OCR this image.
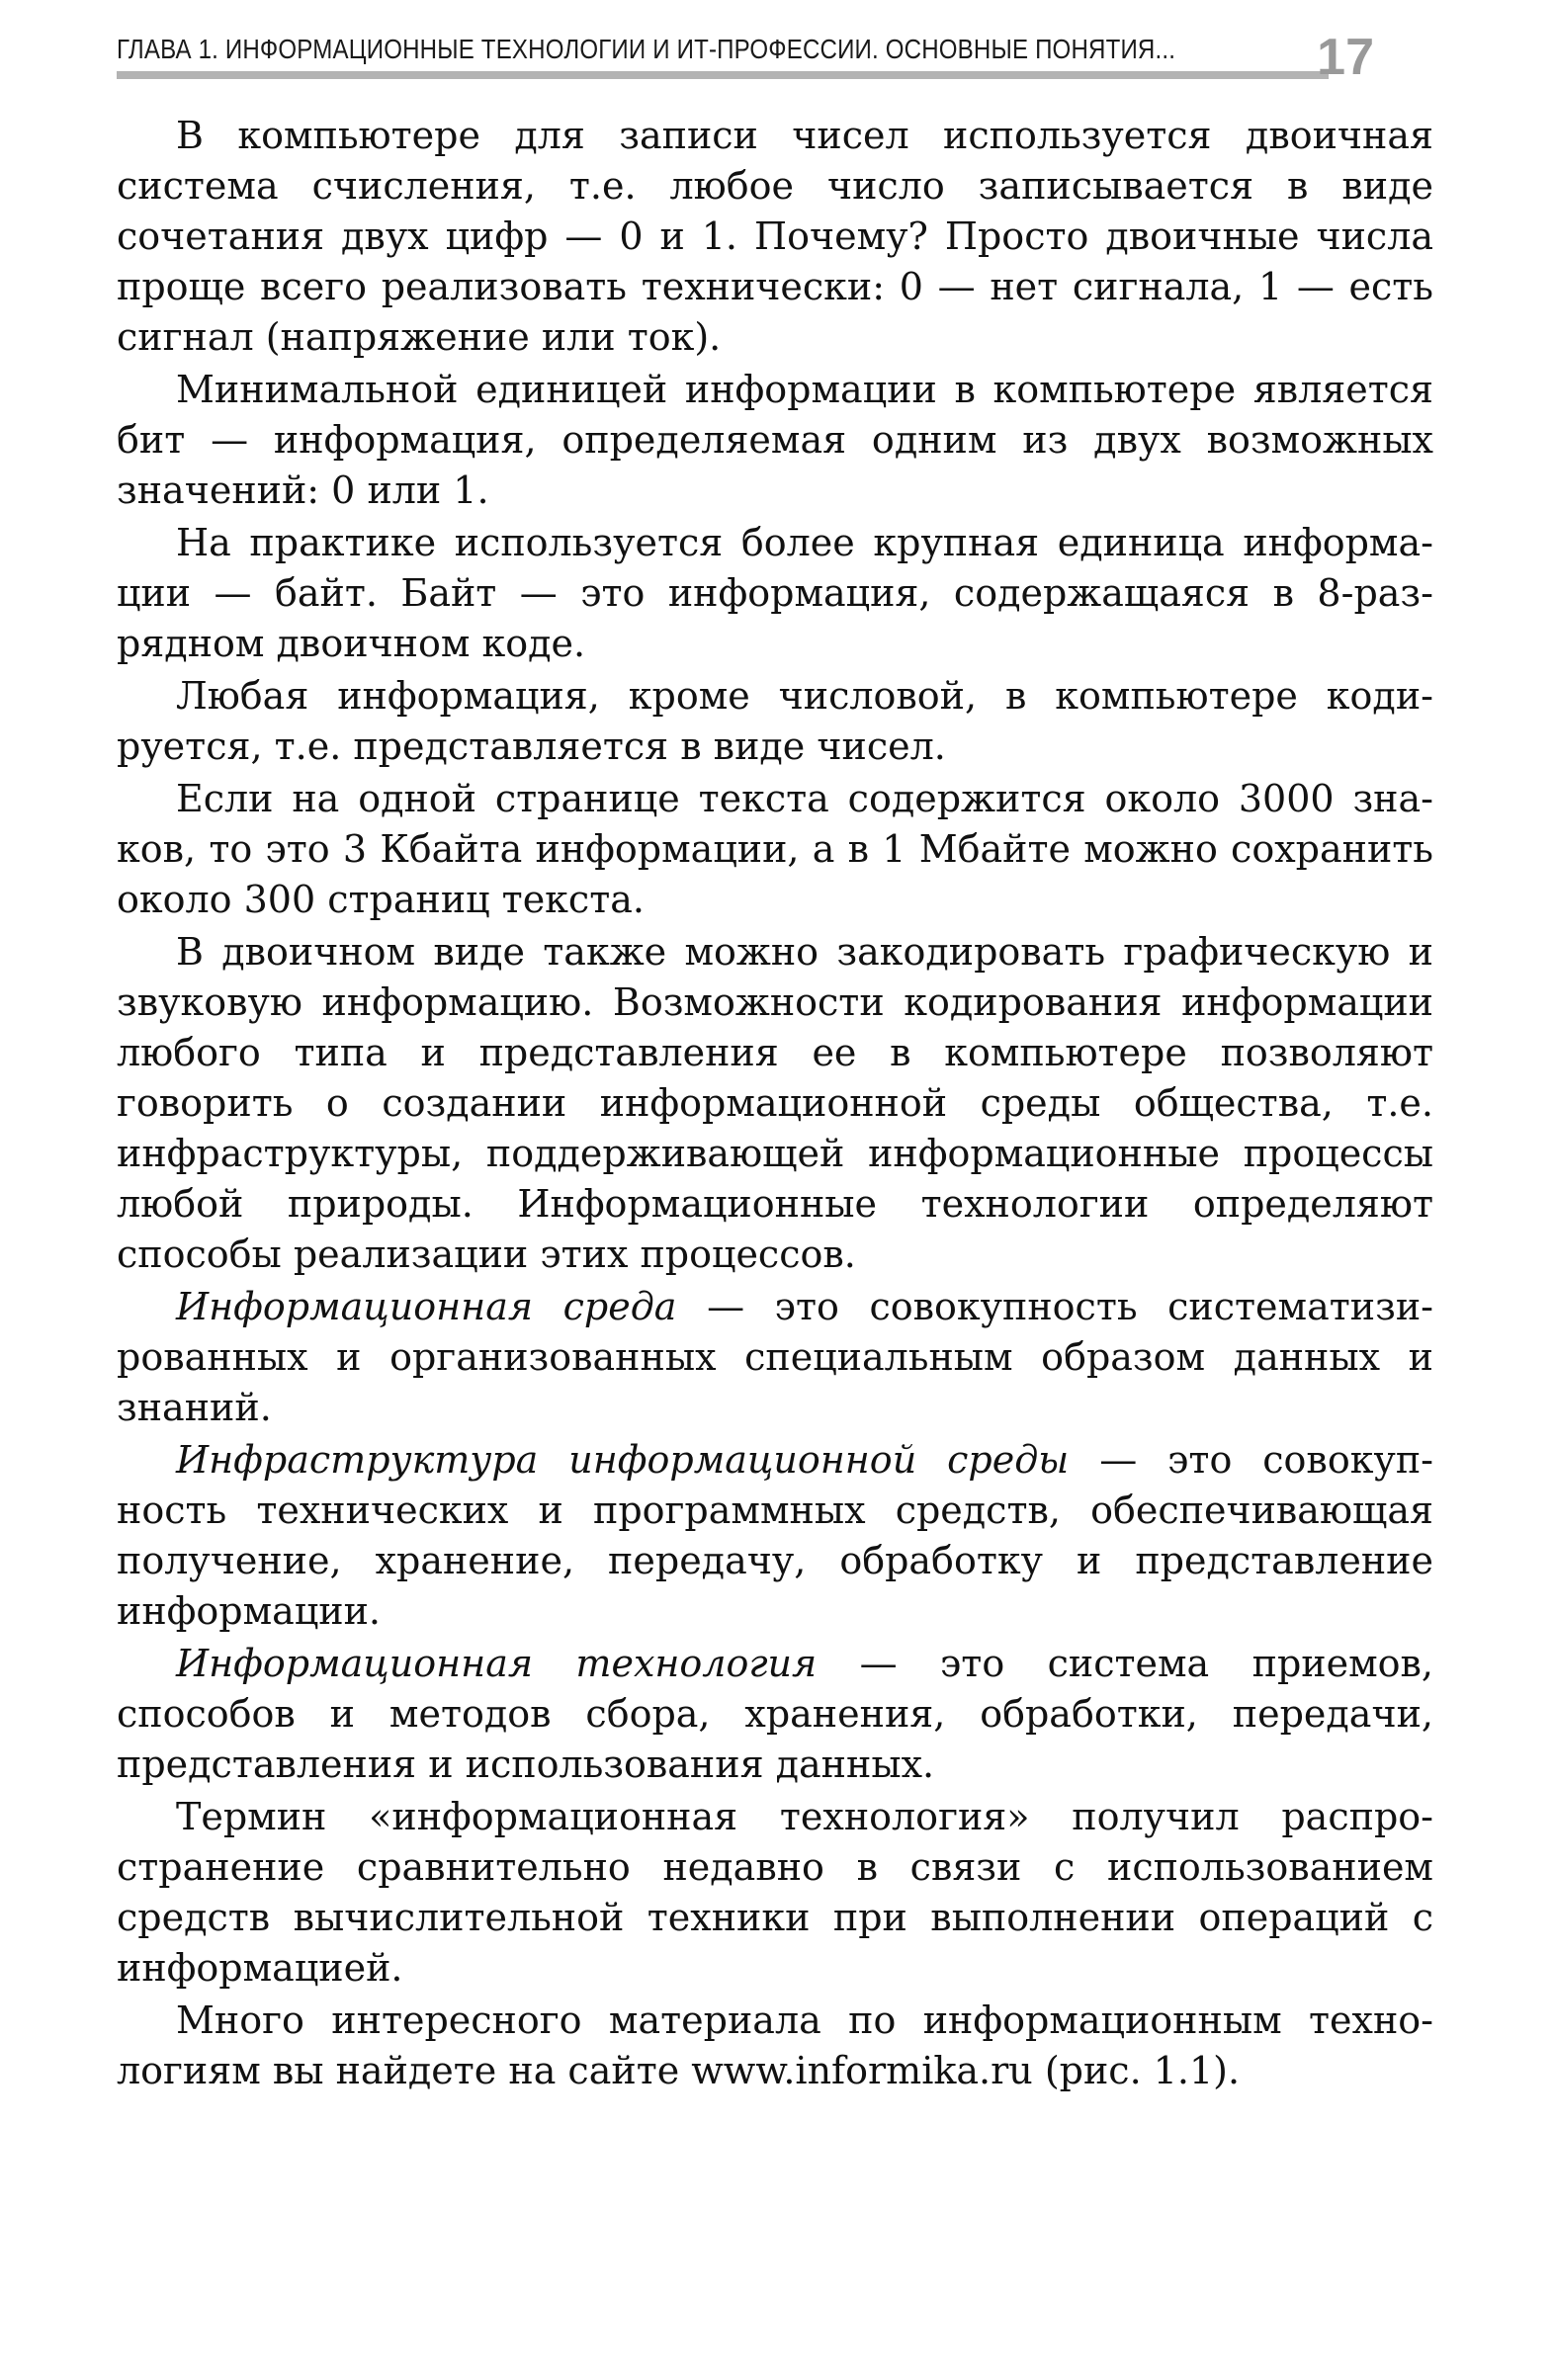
ГЛАВА 1. ИНФОРМАЦИОННЫЕ ТЕХНОЛОГИИ И ИТ-ПРОФЕССИИ. ОСНОВНЫЕ ПОНЯТИЯ...	17

В компьютере для записи чисел используется двоичная система счисления, т.е. любое число записывается в виде сочетания двух цифр — 0 и 1. Почему? Просто двоичные числа проще всего реализовать технически: 0 — нет сигнала, 1 — есть сигнал (напряжение или ток).

Минимальной единицей информации в компьютере является бит — информация, определяемая одним из двух возможных значений: 0 или 1.

На практике используется более крупная единица информации — байт. Байт — это информация, содержащаяся в 8-разрядном двоичном коде.

Любая информация, кроме числовой, в компьютере кодируется, т.е. представляется в виде чисел.

Если на одной странице текста содержится около 3000 знаков, то это 3 Кбайта информации, а в 1 Мбайте можно сохранить около 300 страниц текста.

В двоичном виде также можно закодировать графическую и звуковую информацию. Возможности кодирования информации любого типа и представления ее в компьютере позволяют говорить о создании информационной среды общества, т.е. инфраструктуры, поддерживающей информационные процессы любой природы. Информационные технологии определяют способы реализации этих процессов.

Информационная среда — это совокупность систематизированных и организованных специальным образом данных и знаний.

Инфраструктура информационной среды — это совокупность технических и программных средств, обеспечивающая получение, хранение, передачу, обработку и представление информации.

Информационная технология — это система приемов, способов и методов сбора, хранения, обработки, передачи, представления и использования данных.

Термин «информационная технология» получил распространение сравнительно недавно в связи с использованием средств вычислительной техники при выполнении операций с информацией.

Много интересного материала по информационным технологиям вы найдете на сайте www.informika.ru (рис. 1.1).
